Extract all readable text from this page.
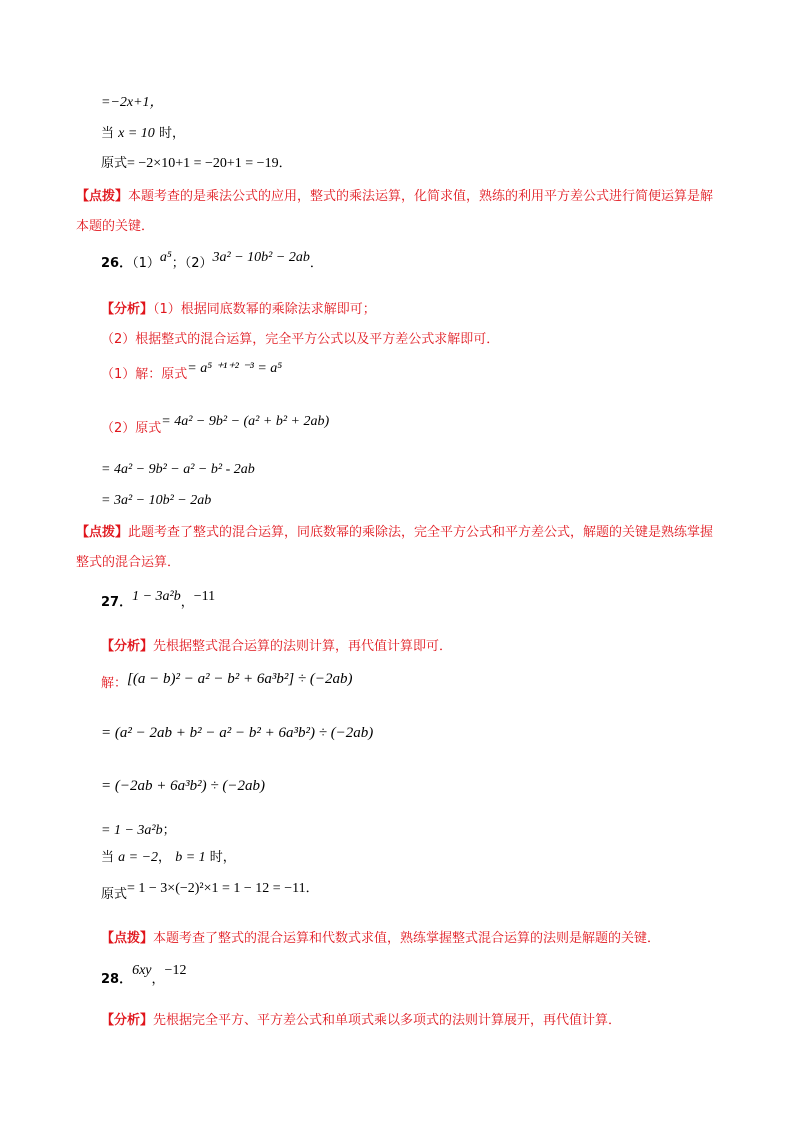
=−2x+1，
当 x = 10 时，
原式= −2×10+1 = −20+1 = −19．
【点拨】本题考查的是乘法公式的应用，整式的乘法运算，化简求值，熟练的利用平方差公式进行简便运算是解本题的关键．
26．（1）a⁵；（2）3a² − 10b² − 2ab．
【分析】（1）根据同底数幂的乘除法求解即可；
（2）根据整式的混合运算，完全平方公式以及平方差公式求解即可．
（1）解：原式= a⁵ ⁺¹⁺² ⁻³ = a⁵
（2）原式= 4a² − 9b² − (a² + b² + 2ab)
= 4a² − 9b² − a² − b² - 2ab
= 3a² − 10b² − 2ab
【点拨】此题考查了整式的混合运算，同底数幂的乘除法，完全平方公式和平方差公式，解题的关键是熟练掌握整式的混合运算．
27．1 − 3a²b，−11
【分析】先根据整式混合运算的法则计算，再代值计算即可．
解：[(a − b)² − a² − b² + 6a³b²] ÷ (−2ab)
= (a² − 2ab + b² − a² − b² + 6a³b²) ÷ (−2ab)
= (−2ab + 6a³b²) ÷ (−2ab)
= 1 − 3a²b；
当 a = −2， b = 1 时，
原式= 1 − 3×(−2)²×1 = 1 − 12 = −11．
【点拨】本题考查了整式的混合运算和代数式求值，熟练掌握整式混合运算的法则是解题的关键．
28．6xy，−12
【分析】先根据完全平方、平方差公式和单项式乘以多项式的法则计算展开，再代值计算．
